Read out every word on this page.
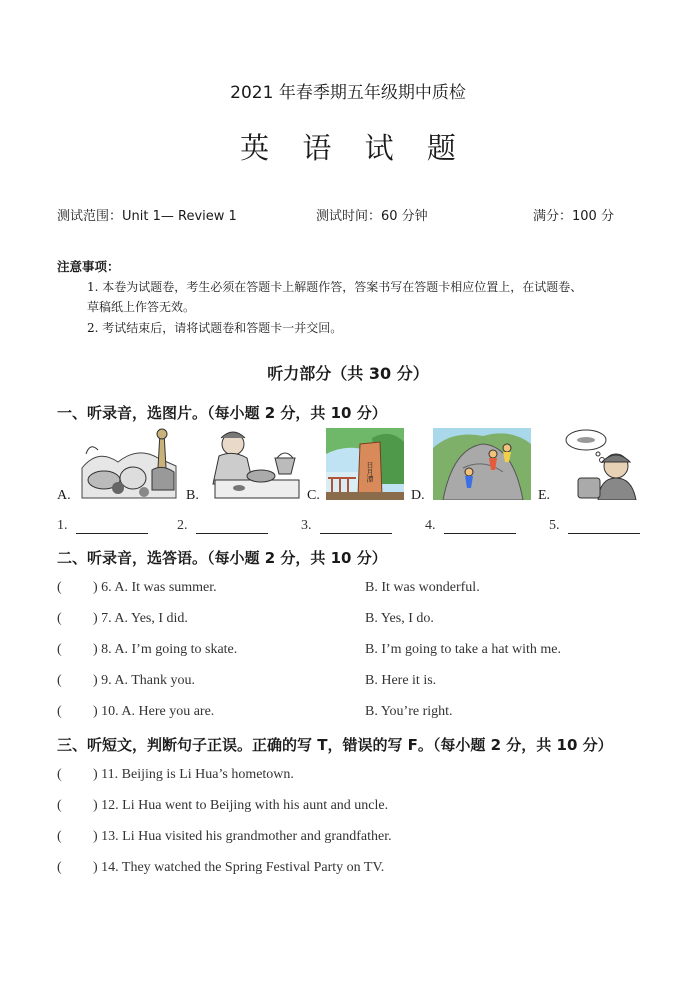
2021 年春季期五年级期中质检
英 语 试 题
测试范围：Unit 1— Review 1	测试时间：60 分钟	满分：100 分
注意事项：
1. 本卷为试题卷，考生必须在答题卡上解题作答，答案书写在答题卡相应位置上，在试题卷、
草稿纸上作答无效。
2. 考试结束后，请将试题卷和答题卡一并交回。
听力部分（共 30 分）
一、听录音，选图片。（每小题 2 分，共 10 分）
A.	B.	C.
日月潭
D.	E.
1.	2.	3.	4.	5.
二、听录音，选答语。（每小题 2 分，共 10 分）
( ) 6. A. It was summer.	B. It was wonderful.
( ) 7. A. Yes, I did.	B. Yes, I do.
( ) 8. A. I’m going to skate.	B. I’m going to take a hat with me.
( ) 9. A. Thank you.	B. Here it is.
( ) 10. A. Here you are.	B. You’re right.
三、听短文，判断句子正误。正确的写 T，错误的写 F。（每小题 2 分，共 10 分）
( ) 11. Beijing is Li Hua’s hometown.
( ) 12. Li Hua went to Beijing with his aunt and uncle.
( ) 13. Li Hua visited his grandmother and grandfather.
( ) 14. They watched the Spring Festival Party on TV.
